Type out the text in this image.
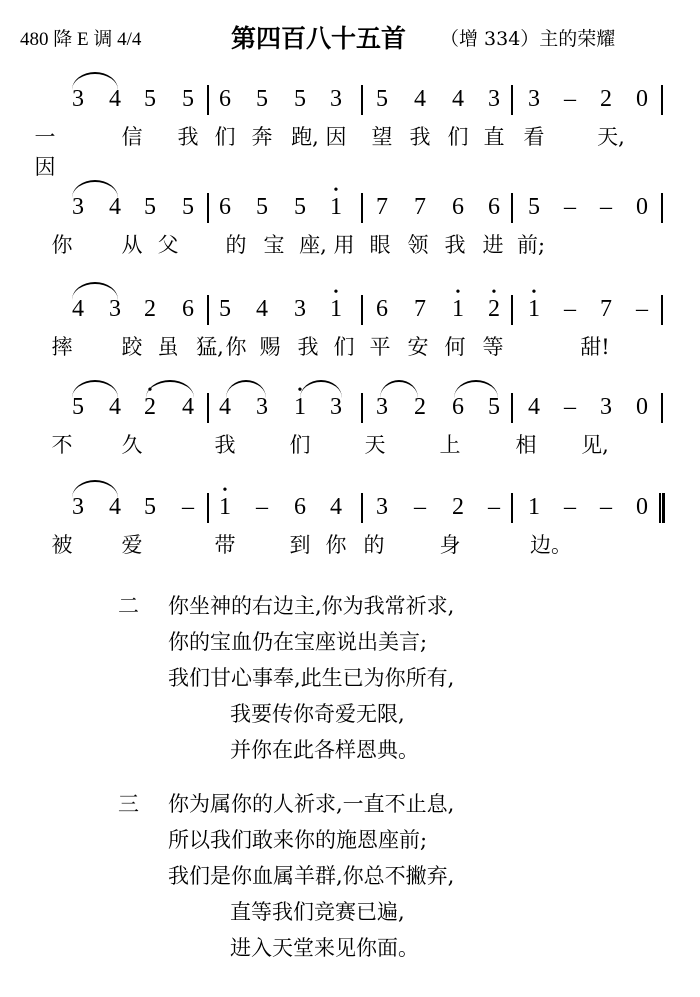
480 降 E 调 4/4	第四百八十五首 （增 334）主的荣耀
3	4 5	5	6	5	5	3	5	4	4	3	3	–	2	0
一因
信 我 们 奔 跑, 因 望 我 们 直 看	天,
3	4 5	5	6	5	5	1
•
7	7	6	6	5	–	–	0
你 从 父 的 宝 座, 用 眼 领 我 进 前;
4	3 2	6	5	4	3	1
•
6	7	1
•
2
•
1
•
–	7	–
摔 跤 虽 猛, 你 赐 我 们 平 安 何 等	甜!
5	4 2
•
4	4	3	1
•
3	3	2	6	5	4	–	3	0
不 久	我	们	天	上	相 见,
3	4 5	–	1
•
–	6	4	3	–	2	–	1	–	–	0
被 爱	带	到 你 的	身	边。
二 你坐神的右边主,你为我常祈求,
你的宝血仍在宝座说出美言;
我们甘心事奉,此生已为你所有,
我要传你奇爱无限,
并你在此各样恩典。
三 你为属你的人祈求,一直不止息,
所以我们敢来你的施恩座前;
我们是你血属羊群,你总不撇弃,
直等我们竞赛已遍,
进入天堂来见你面。
